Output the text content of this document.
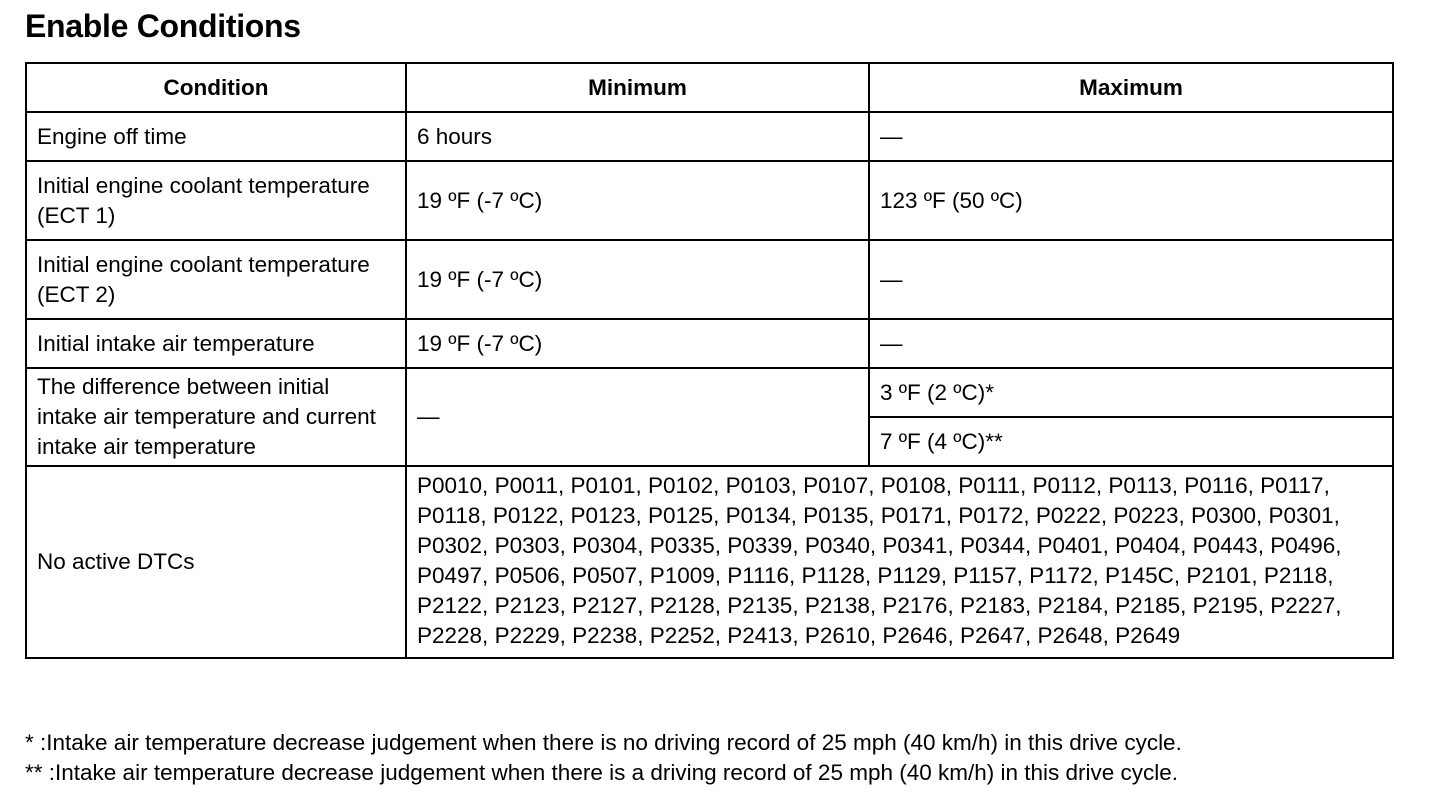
Enable Conditions
Condition	Minimum	Maximum
Engine off time	6 hours	—
Initial engine coolant temperature (ECT 1)	19 ºF (-7 ºC)	123 ºF (50 ºC)
Initial engine coolant temperature (ECT 2)	19 ºF (-7 ºC)	—
Initial intake air temperature	19 ºF (-7 ºC)	—
The difference between initial intake air temperature and current intake air temperature	—	3 ºF (2 ºC)*
		7 ºF (4 ºC)**
No active DTCs	P0010, P0011, P0101, P0102, P0103, P0107, P0108, P0111, P0112, P0113, P0116, P0117, P0118, P0122, P0123, P0125, P0134, P0135, P0171, P0172, P0222, P0223, P0300, P0301, P0302, P0303, P0304, P0335, P0339, P0340, P0341, P0344, P0401, P0404, P0443, P0496, P0497, P0506, P0507, P1009, P1116, P1128, P1129, P1157, P1172, P145C, P2101, P2118, P2122, P2123, P2127, P2128, P2135, P2138, P2176, P2183, P2184, P2185, P2195, P2227, P2228, P2229, P2238, P2252, P2413, P2610, P2646, P2647, P2648, P2649	
* :Intake air temperature decrease judgement when there is no driving record of 25 mph (40 km/h) in this drive cycle.
** :Intake air temperature decrease judgement when there is a driving record of 25 mph (40 km/h) in this drive cycle.
